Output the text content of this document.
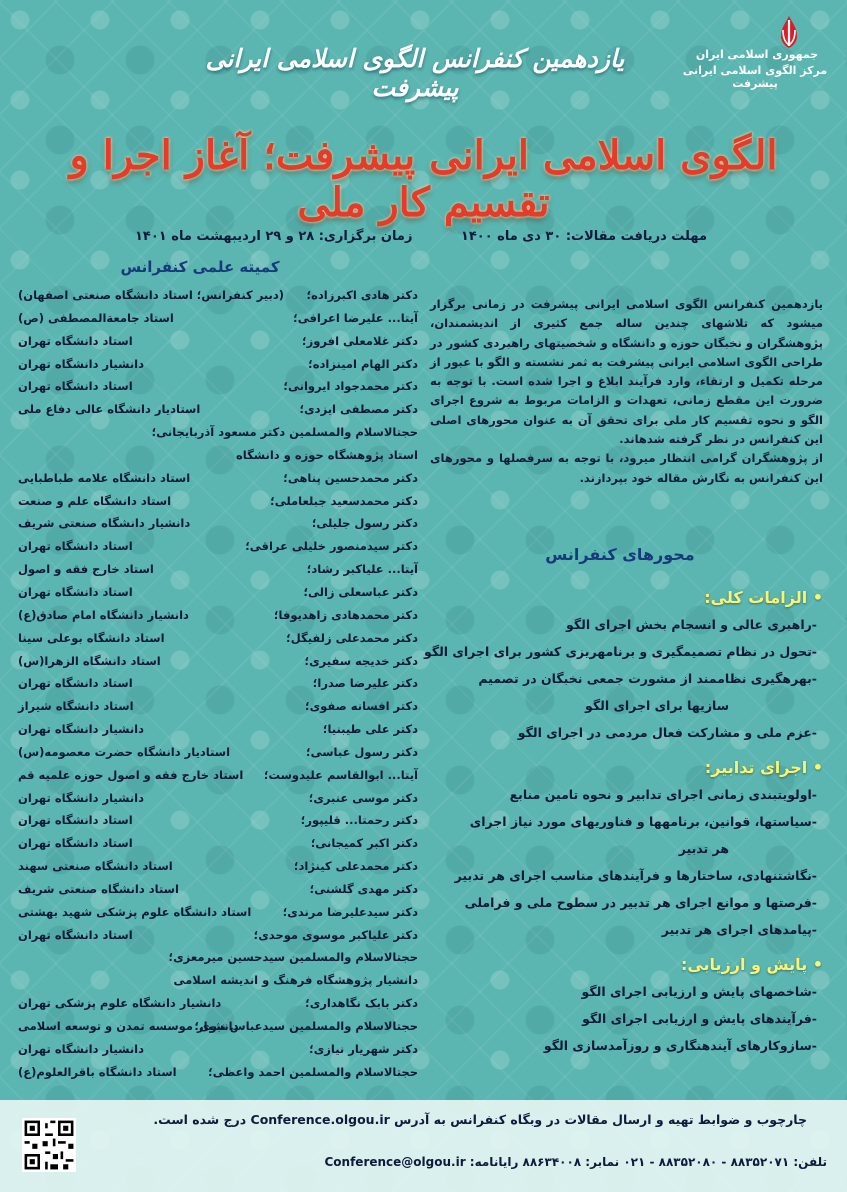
جمهوری اسلامی ایران
مرکز الگوی اسلامی ایرانی پیشرفت
یازدهمین کنفرانس الگوی اسلامی ایرانی پیشرفت
الگوی اسلامی ایرانی پیشرفت؛ آغاز اجرا و تقسیم کار ملی
مهلت دریافت مقالات: ۳۰ دی ماه ۱۴۰۰
زمان برگزاری: ۲۸ و ۲۹ اردیبهشت ماه ۱۴۰۱
کمیته علمی کنفرانس
دکتر هادی اکبرزاده؛
(دبیر کنفرانس؛ استاد دانشگاه صنعتی اصفهان)
آیتا... علیرضا اعرافی؛
استاد جامعةالمصطفی (ص)
دکتر غلامعلی افروز؛
استاد دانشگاه تهران
دکتر الهام امینزاده؛
دانشیار دانشگاه تهران
دکتر محمدجواد ایروانی؛
استاد دانشگاه تهران
دکتر مصطفی ایزدی؛
استادیار دانشگاه عالی دفاع ملی
حجتالاسلام والمسلمین دکتر مسعود آذربایجانی؛
استاد پژوهشگاه حوزه و دانشگاه
دکتر محمدحسین پناهی؛
استاد دانشگاه علامه طباطبایی
دکتر محمدسعید جبلعاملی؛
استاد دانشگاه علم و صنعت
دکتر رسول جلیلی؛
دانشیار دانشگاه صنعتی شریف
دکتر سیدمنصور خلیلی عراقی؛
استاد دانشگاه تهران
آیتا... علیاکبر رشاد؛
استاد خارج فقه و اصول
دکتر عباسعلی زالی؛
استاد دانشگاه تهران
دکتر محمدهادی زاهدیوفا؛
دانشیار دانشگاه امام صادق(ع)
دکتر محمدعلی زلفیگل؛
استاد دانشگاه بوعلی سینا
دکتر خدیجه سفیری؛
استاد دانشگاه الزهرا(س)
دکتر علیرضا صدرا؛
استاد دانشگاه تهران
دکتر افسانه صفوی؛
استاد دانشگاه شیراز
دکتر علی طیبنیا؛
دانشیار دانشگاه تهران
دکتر رسول عباسی؛
استادیار دانشگاه حضرت معصومه(س)
آیتا... ابوالقاسم علیدوست؛
استاد خارج فقه و اصول حوزه علمیه قم
دکتر موسی عنبری؛
دانشیار دانشگاه تهران
دکتر رحمتا... قلیپور؛
استاد دانشگاه تهران
دکتر اکبر کمیجانی؛
استاد دانشگاه تهران
دکتر محمدعلی کینژاد؛
استاد دانشگاه صنعتی سهند
دکتر مهدی گلشنی؛
استاد دانشگاه صنعتی شریف
دکتر سیدعلیرضا مرندی؛
استاد دانشگاه علوم پزشکی شهید بهشتی
دکتر علیاکبر موسوی موحدی؛
استاد دانشگاه تهران
حجتالاسلام والمسلمین سیدحسین میرمعزی؛
دانشیار پژوهشگاه فرهنگ و اندیشه اسلامی
دکتر بابک نگاهداری؛
دانشیار دانشگاه علوم پزشکی تهران
حجتالاسلام والمسلمین سیدعباس نبوی؛
دانشیار موسسه تمدن و توسعه اسلامی
دکتر شهریار نیازی؛
دانشیار دانشگاه تهران
حجتالاسلام والمسلمین احمد واعظی؛
استاد دانشگاه باقرالعلوم(ع)

یازدهمین کنفرانس الگوی اسلامی ایرانی پیشرفت در زمانی برگزار میشود که تلاشهای چندین ساله جمع کثیری از اندیشمندان، پژوهشگران و نخبگان حوزه و دانشگاه و شخصیتهای راهبردی کشور در طراحی الگوی اسلامی ایرانی پیشرفت به ثمر نشسته و الگو با عبور از مرحله تکمیل و ارتقاء، وارد فرآیند ابلاغ و اجرا شده است. با توجه به ضرورت این مقطع زمانی، تعهدات و الزامات مربوط به شروع اجرای الگو و نحوه تقسیم کار ملی برای تحقق آن به عنوان محورهای اصلی این کنفرانس در نظر گرفته شدهاند.

از پژوهشگران گرامی انتظار میرود، با توجه به سرفصلها و محورهای این کنفرانس به نگارش مقاله خود بپردازند.

محورهای کنفرانس
• الزامات کلی:
-راهبری عالی و انسجام بخش اجرای الگو
-تحول در نظام تصمیمگیری و برنامهریزی کشور برای اجرای الگو
-بهرهگیری نظاممند از مشورت جمعی نخبگان در تصمیم
سازیها برای اجرای الگو
-عزم ملی و مشارکت فعال مردمی در اجرای الگو
• اجرای تدابیر:
-اولویتبندی زمانی اجرای تدابیر و نحوه تامین منابع
-سیاستها، قوانین، برنامهها و فناوریهای مورد نیاز اجرای
هر تدبیر
-نگاشتنهادی، ساختارها و فرآیندهای مناسب اجرای هر تدبیر
-فرصتها و موانع اجرای هر تدبیر در سطوح ملی و فراملی
-پیامدهای اجرای هر تدبیر
• پایش و ارزیابی:
-شاخصهای پایش و ارزیابی اجرای الگو
-فرآیندهای پایش و ارزیابی اجرای الگو
-سازوکارهای آیندهنگاری و روزآمدسازی الگو
چارچوب و ضوابط تهیه و ارسال مقالات در وبگاه کنفرانس به آدرس Conference.olgou.ir درج شده است.
تلفن: ۸۸۳۵۲۰۷۱ - ۸۸۳۵۲۰۸۰ - ۰۲۱ نمابر: ۸۸۶۳۴۰۰۸ رایانامه: Conference@olgou.ir
